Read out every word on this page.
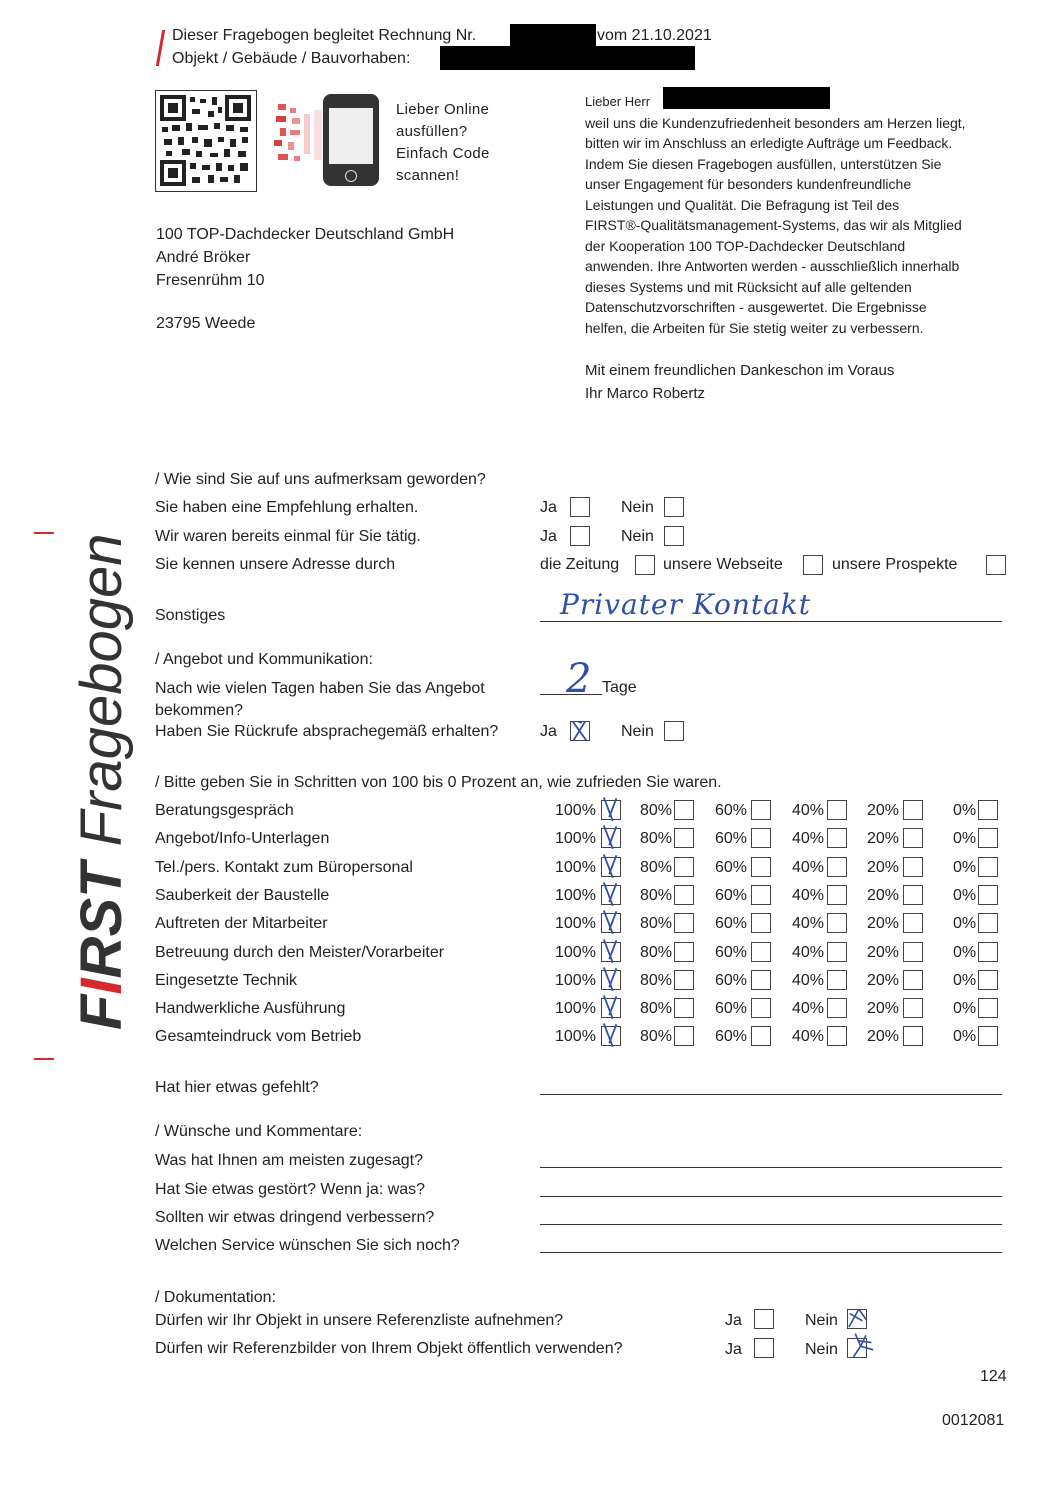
Dieser Fragebogen begleitet Rechnung Nr.	vom 21.10.2021
Objekt / Gebäude / Bauvorhaben:
Lieber Online
ausfüllen?
Einfach Code
scannen!
100 TOP-Dachdecker Deutschland GmbH
André Bröker
Fresenrühm 10
23795 Weede
Lieber Herr
weil uns die Kundenzufriedenheit besonders am Herzen liegt,
bitten wir im Anschluss an erledigte Aufträge um Feedback.
Indem Sie diesen Fragebogen ausfüllen, unterstützen Sie
unser Engagement für besonders kundenfreundliche
Leistungen und Qualität. Die Befragung ist Teil des
FIRST®-Qualitätsmanagement-Systems, das wir als Mitglied
der Kooperation 100 TOP-Dachdecker Deutschland
anwenden. Ihre Antworten werden - ausschließlich innerhalb
dieses Systems und mit Rücksicht auf alle geltenden
Datenschutzvorschriften - ausgewertet. Die Ergebnisse
helfen, die Arbeiten für Sie stetig weiter zu verbessern.
Mit einem freundlichen Dankeschon im Voraus
Ihr Marco Robertz
FIRST Fragebogen
/ Wie sind Sie auf uns aufmerksam geworden?
Sie haben eine Empfehlung erhalten.	Ja	Nein
Wir waren bereits einmal für Sie tätig.	Ja	Nein
Sie kennen unsere Adresse durch	die Zeitung	unsere Webseite	unsere Prospekte
Sonstiges	Privater Kontakt
/ Angebot und Kommunikation:
Nach wie vielen Tagen haben Sie das Angebot
bekommen?
2 Tage
Haben Sie Rückrufe absprachegemäß erhalten?	Ja	Nein
/ Bitte geben Sie in Schritten von 100 bis 0 Prozent an, wie zufrieden Sie waren.
Beratungsgespräch	100%	80%	60%	40%	20%	0%
Angebot/Info-Unterlagen	100%	80%	60%	40%	20%	0%
Tel./pers. Kontakt zum Büropersonal	100%	80%	60%	40%	20%	0%
Sauberkeit der Baustelle	100%	80%	60%	40%	20%	0%
Auftreten der Mitarbeiter	100%	80%	60%	40%	20%	0%
Betreuung durch den Meister/Vorarbeiter	100%	80%	60%	40%	20%	0%
Eingesetzte Technik	100%	80%	60%	40%	20%	0%
Handwerkliche Ausführung	100%	80%	60%	40%	20%	0%
Gesamteindruck vom Betrieb	100%	80%	60%	40%	20%	0%
Hat hier etwas gefehlt?
/ Wünsche und Kommentare:
Was hat Ihnen am meisten zugesagt?
Hat Sie etwas gestört? Wenn ja: was?
Sollten wir etwas dringend verbessern?
Welchen Service wünschen Sie sich noch?
/ Dokumentation:
Dürfen wir Ihr Objekt in unsere Referenzliste aufnehmen?	Ja	Nein
Dürfen wir Referenzbilder von Ihrem Objekt öffentlich verwenden?	Ja	Nein
124
0012081
